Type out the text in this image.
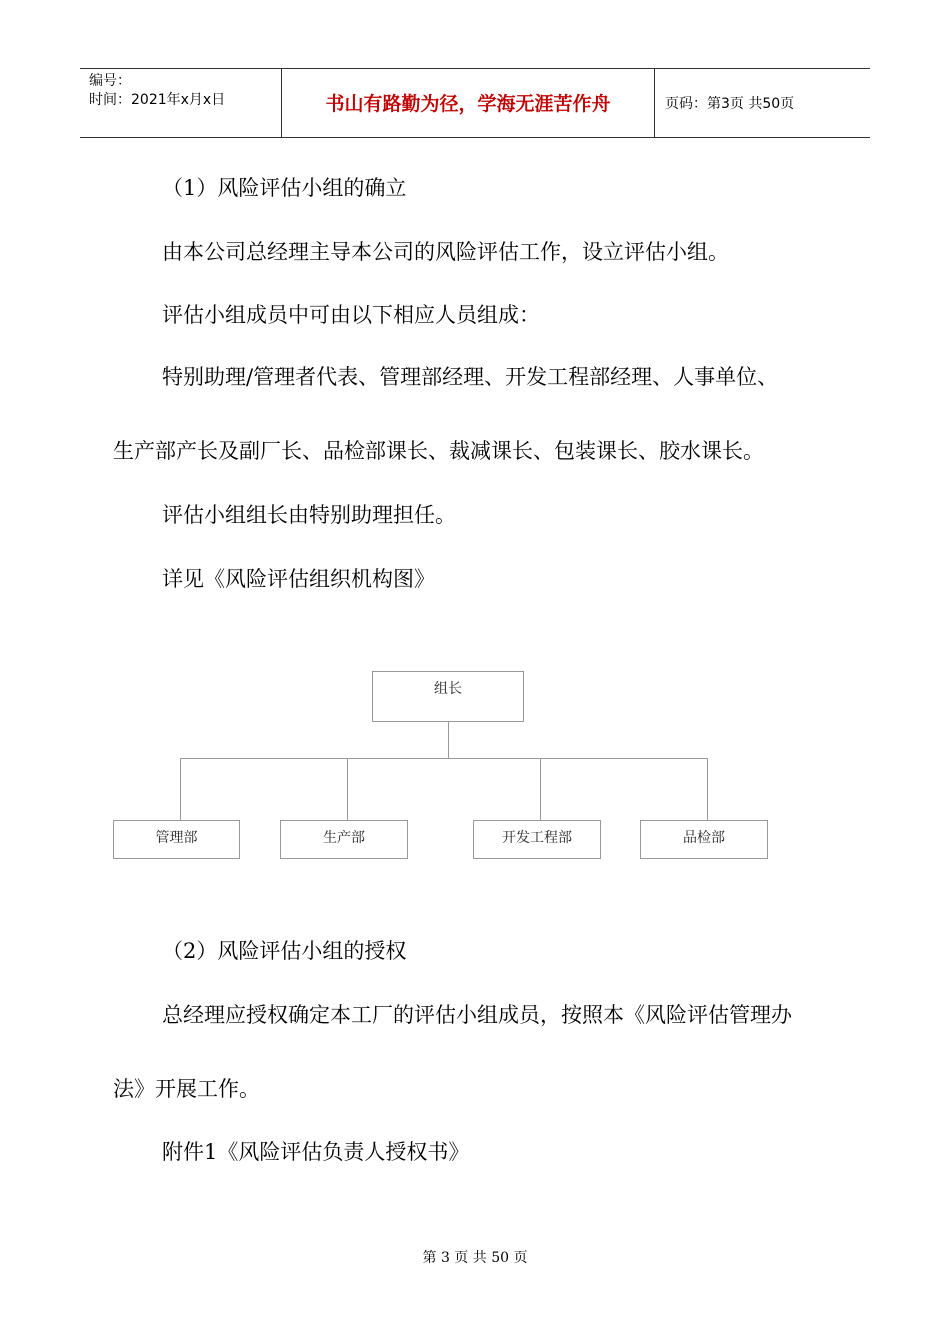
编号：
时间：2021年x月x日	书山有路勤为径，学海无涯苦作舟	页码：第3页 共50页
（1）风险评估小组的确立
由本公司总经理主导本公司的风险评估工作，设立评估小组。
评估小组成员中可由以下相应人员组成：
特别助理/管理者代表、管理部经理、开发工程部经理、人事单位、
生产部产长及副厂长、品检部课长、裁减课长、包装课长、胶水课长。
评估小组组长由特别助理担任。
详见《风险评估组织机构图》
组长
管理部	生产部	开发工程部	品检部
（2）风险评估小组的授权
总经理应授权确定本工厂的评估小组成员，按照本《风险评估管理办
法》开展工作。
附件1《风险评估负责人授权书》
第 3 页 共 50 页
